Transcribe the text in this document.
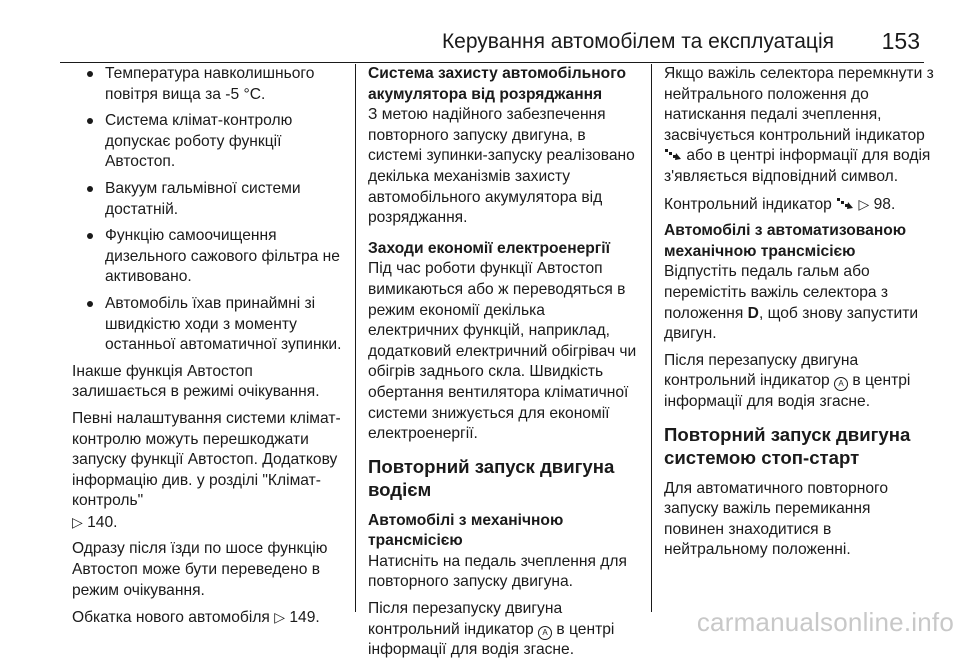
Керування автомобілем та експлуатація 153
Температура навколишнього повітря вища за -5 °C.
Система клімат-контролю допускає роботу функції Автостоп.
Вакуум гальмівної системи достатній.
Функцію самоочищення дизельного сажового фільтра не активовано.
Автомобіль їхав принаймні зі швидкістю ходи з моменту останньої автоматичної зупинки.

Інакше функція Автостоп залишається в режимі очікування.

Певні налаштування системи клімат-контролю можуть перешкоджати запуску функції Автостоп. Додаткову інформацію див. у розділі "Клімат-контроль"
▷ 140.

Одразу після їзди по шосе функцію Автостоп може бути переведено в режим очікування.

Обкатка нового автомобіля ▷ 149.

Система захисту автомобільного акумулятора від розряджання

З метою надійного забезпечення повторного запуску двигуна, в системі зупинки-запуску реалізовано декілька механізмів захисту автомобільного акумулятора від розряджання.

Заходи економії електроенергії

Під час роботи функції Автостоп вимикаються або ж переводяться в режим економії декілька електричних функцій, наприклад, додатковий електричний обігрівач чи обігрів заднього скла. Швидкість обертання вентилятора кліматичної системи знижується для економії електроенергії.

Повторний запуск двигуна водієм

Автомобілі з механічною трансмісією

Натисніть на педаль зчеплення для повторного запуску двигуна.

Після перезапуску двигуна контрольний індикатор A в центрі інформації для водія згасне.

Якщо важіль селектора перемкнути з нейтрального положення до натискання педалі зчеплення, засвічується контрольний індикатор  або в центрі інформації для водія з'являється відповідний символ.

Контрольний індикатор ▷ 98.

Автомобілі з автоматизованою механічною трансмісією

Відпустіть педаль гальм або перемістіть важіль селектора з положення D, щоб знову запустити двигун.

Після перезапуску двигуна контрольний індикатор A в центрі інформації для водія згасне.

Повторний запуск двигуна системою стоп-старт

Для автоматичного повторного запуску важіль перемикання повинен знаходитися в нейтральному положенні.

carmanualsonline.info
